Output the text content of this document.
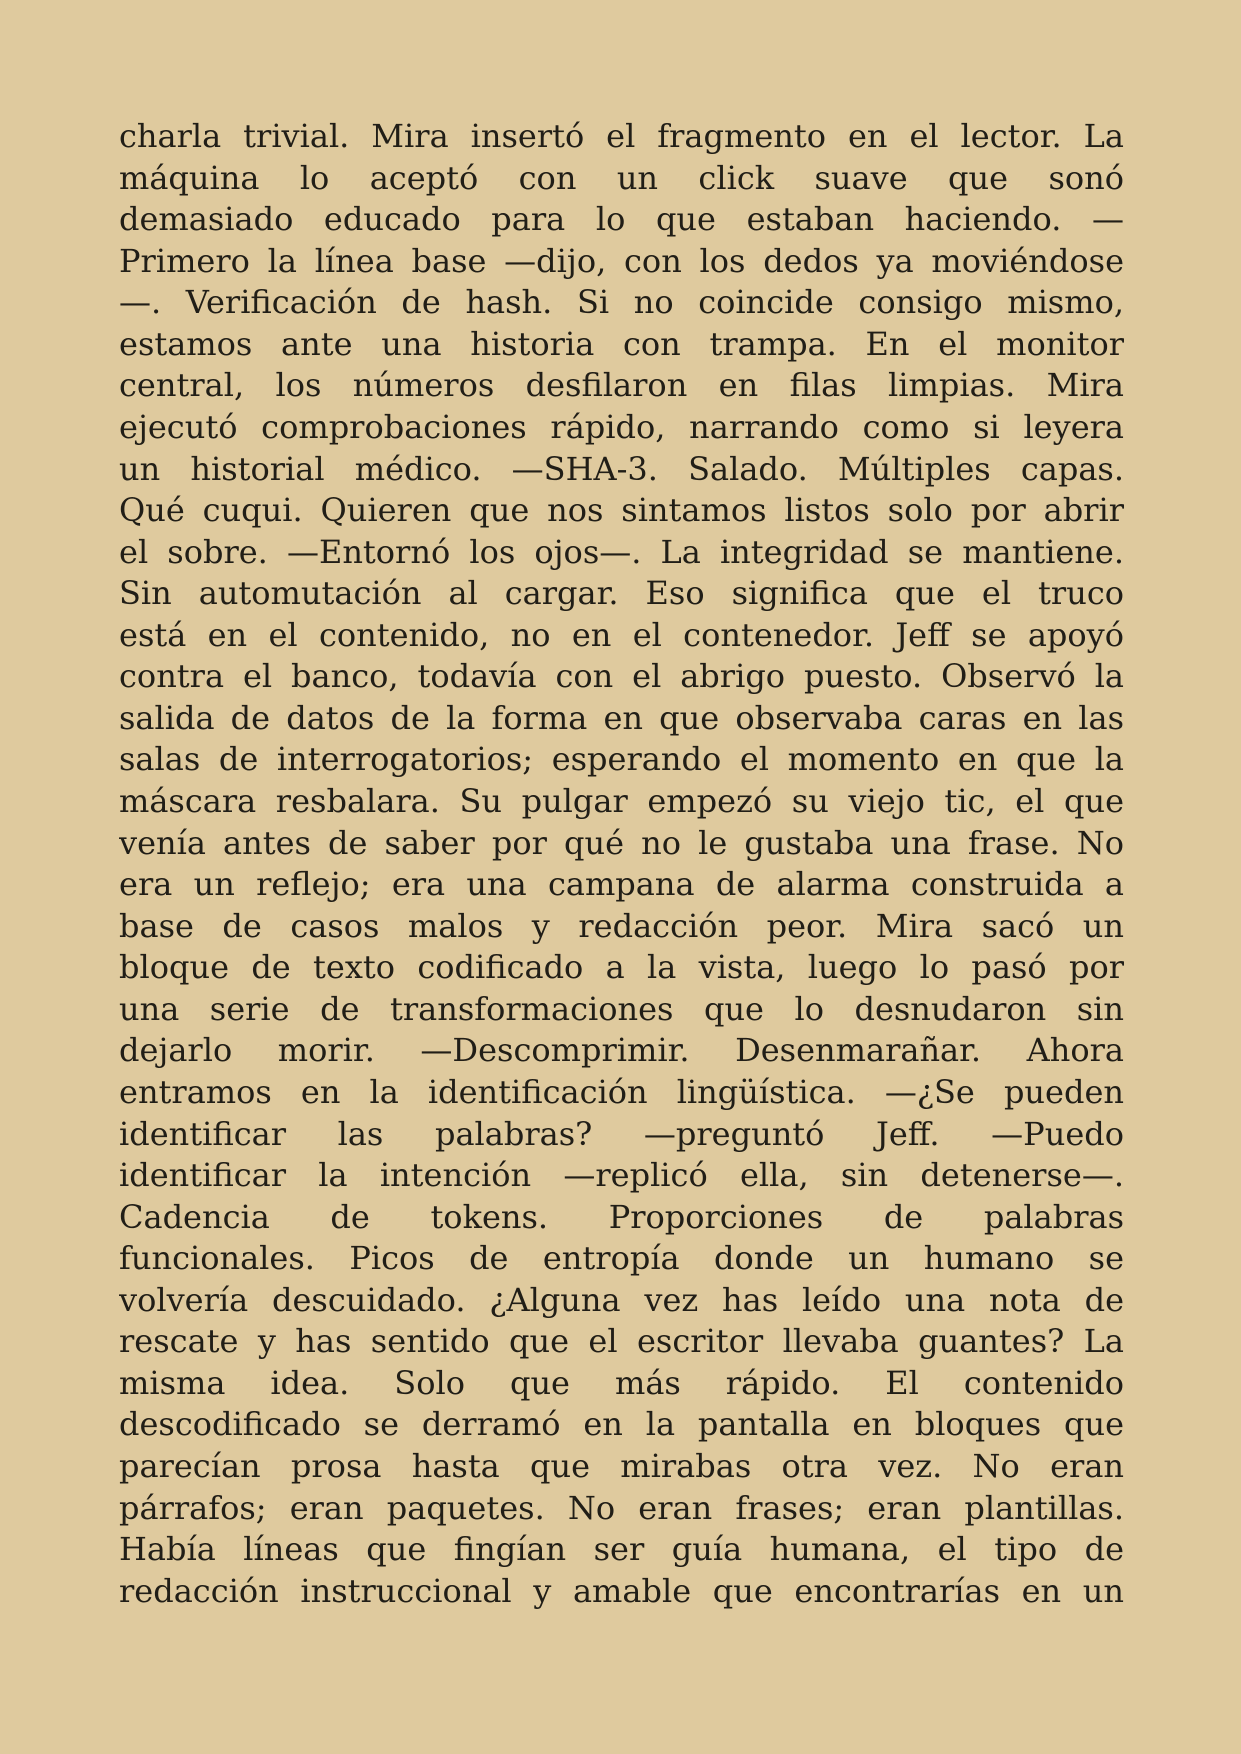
charla trivial. Mira insertó el fragmento en el lector. La
máquina lo aceptó con un click suave que sonó
demasiado educado para lo que estaban haciendo. —
Primero la línea base —dijo, con los dedos ya moviéndose
—. Verificación de hash. Si no coincide consigo mismo,
estamos ante una historia con trampa. En el monitor
central, los números desfilaron en filas limpias. Mira
ejecutó comprobaciones rápido, narrando como si leyera
un historial médico. —SHA-3. Salado. Múltiples capas.
Qué cuqui. Quieren que nos sintamos listos solo por abrir
el sobre. —Entornó los ojos—. La integridad se mantiene.
Sin automutación al cargar. Eso significa que el truco
está en el contenido, no en el contenedor. Jeff se apoyó
contra el banco, todavía con el abrigo puesto. Observó la
salida de datos de la forma en que observaba caras en las
salas de interrogatorios; esperando el momento en que la
máscara resbalara. Su pulgar empezó su viejo tic, el que
venía antes de saber por qué no le gustaba una frase. No
era un reflejo; era una campana de alarma construida a
base de casos malos y redacción peor. Mira sacó un
bloque de texto codificado a la vista, luego lo pasó por
una serie de transformaciones que lo desnudaron sin
dejarlo morir. —Descomprimir. Desenmarañar. Ahora
entramos en la identificación lingüística. —¿Se pueden
identificar las palabras? —preguntó Jeff. —Puedo
identificar la intención —replicó ella, sin detenerse—.
Cadencia de tokens. Proporciones de palabras
funcionales. Picos de entropía donde un humano se
volvería descuidado. ¿Alguna vez has leído una nota de
rescate y has sentido que el escritor llevaba guantes? La
misma idea. Solo que más rápido. El contenido
descodificado se derramó en la pantalla en bloques que
parecían prosa hasta que mirabas otra vez. No eran
párrafos; eran paquetes. No eran frases; eran plantillas.
Había líneas que fingían ser guía humana, el tipo de
redacción instruccional y amable que encontrarías en un
